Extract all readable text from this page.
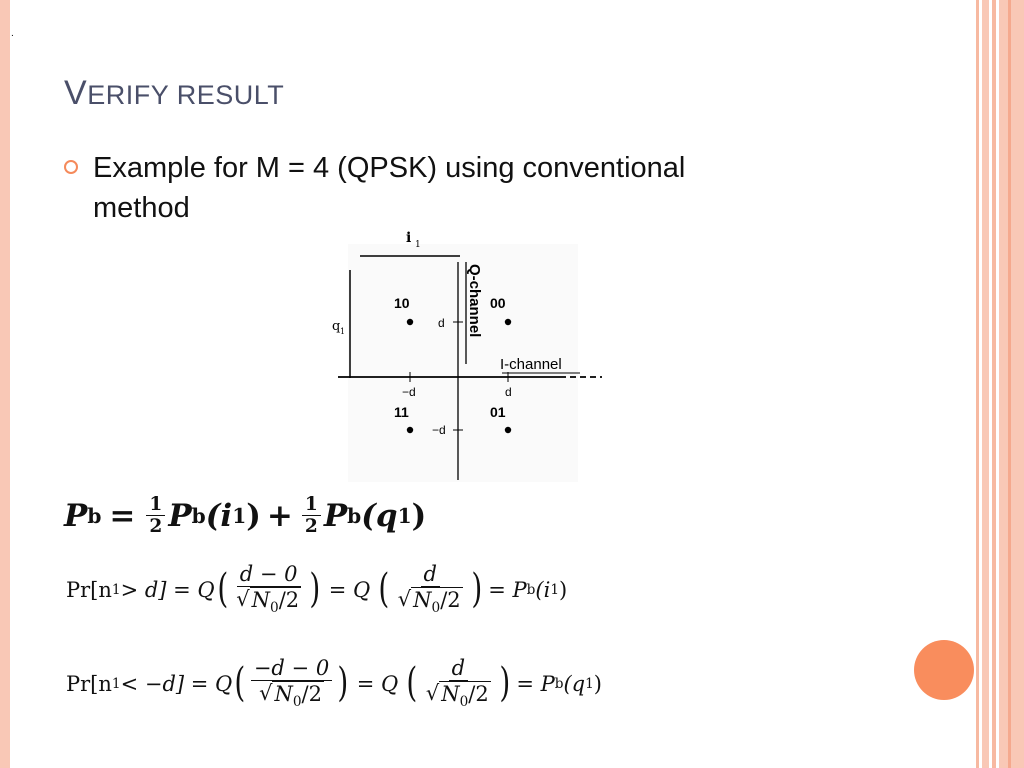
.
VERIFY RESULT
Example for M = 4 (QPSK) using conventional method
i 1
q 1	Q-channel
I-channel
d
−d
−d	d
10	00
11	01
P $b = \frac{1}{2}$ P b (i 1 ) + $\frac{1}{2}$ P b (q 1 )
Pr[n 1 > d] = Q ( $\frac{d - 0}{√ N_0/2}$ ) = Q ( $\frac{d}{√ N_0/2}$ ) = P b (i 1 )
Pr[n 1 < −d] = Q ( $\frac{-d - 0}{√ N_0/2}$ ) = Q ( $\frac{d}{√ N_0/2}$ ) = P b (q 1 )
